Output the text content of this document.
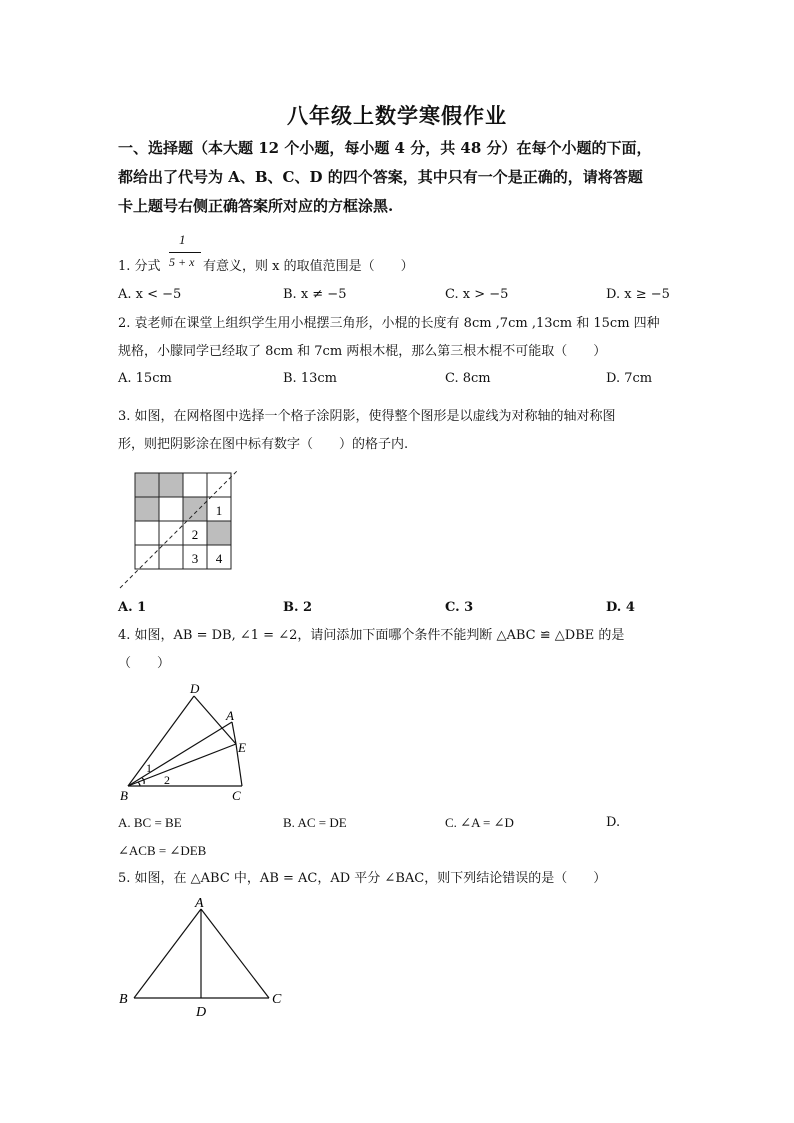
八年级上数学寒假作业
一、选择题（本大题 12 个小题，每小题 4 分，共 48 分）在每个小题的下面，
都给出了代号为 A、B、C、D 的四个答案，其中只有一个是正确的，请将答题
卡上题号右侧正确答案所对应的方框涂黑.
1
5 + x
1. 分式	有意义，则 x 的取值范围是（　　）
A. x < −5	B. x ≠ −5	C. x > −5	D. x ≥ −5
2. 袁老师在课堂上组织学生用小棍摆三角形，小棍的长度有 8cm ,7cm ,13cm 和 15cm 四种
规格，小朦同学已经取了 8cm 和 7cm 两根木棍，那么第三根木棍不可能取（　　）
A. 15cm	B. 13cm	C. 8cm	D. 7cm
3. 如图，在网格图中选择一个格子涂阴影，使得整个图形是以虚线为对称轴的轴对称图
形，则把阴影涂在图中标有数字（　　）的格子内.
1
2
3 4
A. 1	B. 2	C. 3	D. 4
4. 如图，AB = DB, ∠1 = ∠2，请问添加下面哪个条件不能判断 △ABC ≌ △DBE 的是
（　　）
D
A
E
B	C
1
2
A. BC = BE	B. AC = DE	C. ∠A = ∠D	D.
∠ACB = ∠DEB
5. 如图，在 △ABC 中，AB = AC，AD 平分 ∠BAC，则下列结论错误的是（　　）
A
B	C
D
